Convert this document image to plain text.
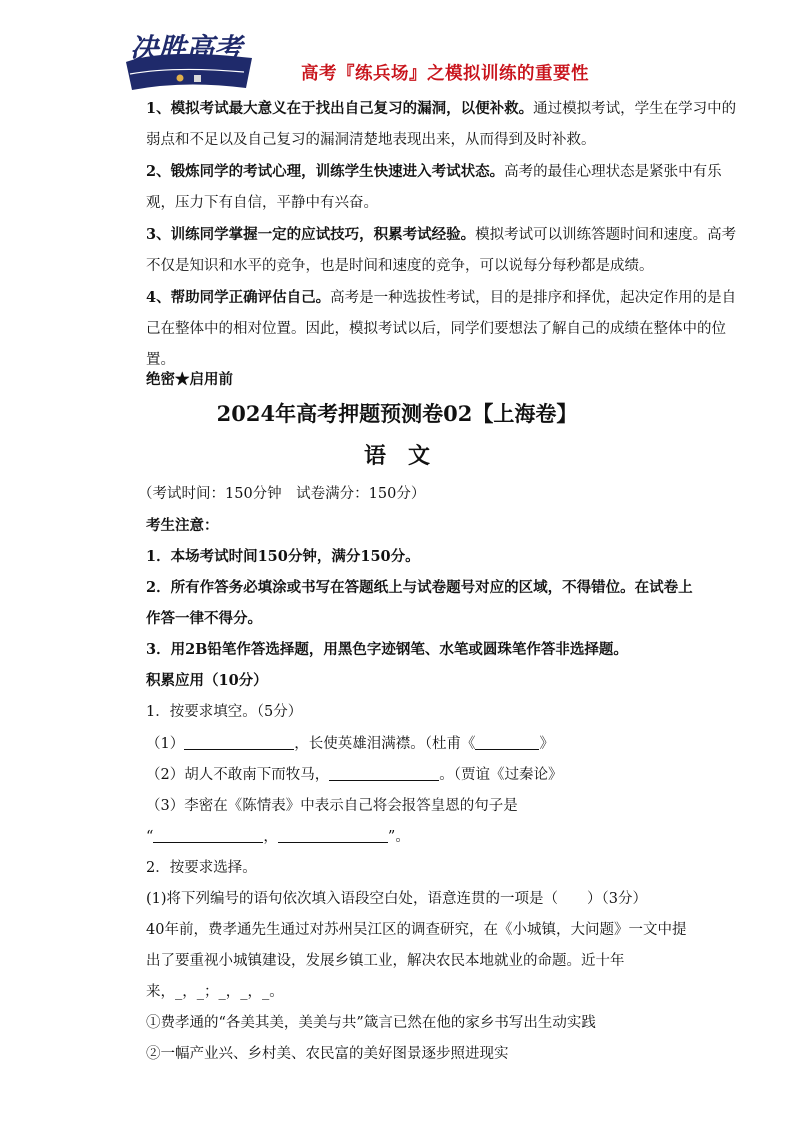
决胜高考
高考『练兵场』之模拟训练的重要性

1、模拟考试最大意义在于找出自己复习的漏洞，以便补救。通过模拟考试，学生在学习中的弱点和不足以及自己复习的漏洞清楚地表现出来，从而得到及时补救。

2、锻炼同学的考试心理，训练学生快速进入考试状态。高考的最佳心理状态是紧张中有乐观，压力下有自信，平静中有兴奋。

3、训练同学掌握一定的应试技巧，积累考试经验。模拟考试可以训练答题时间和速度。高考不仅是知识和水平的竞争，也是时间和速度的竞争，可以说每分每秒都是成绩。

4、帮助同学正确评估自己。高考是一种选拔性考试，目的是排序和择优，起决定作用的是自己在整体中的相对位置。因此，模拟考试以后，同学们要想法了解自己的成绩在整体中的位置。

绝密★启用前
2024年高考押题预测卷02【上海卷】
语　文
（考试时间：150分钟　试卷满分：150分）
考生注意：
1．本场考试时间150分钟，满分150分。
2．所有作答务必填涂或书写在答题纸上与试卷题号对应的区域，不得错位。在试卷上
作答一律不得分。
3．用2B铅笔作答选择题，用黑色字迹钢笔、水笔或圆珠笔作答非选择题。
积累应用（10分）
1．按要求填空。（5分）
（1）	，长使英雄泪满襟。（杜甫《	》
（2）胡人不敢南下而牧马，	。（贾谊《过秦论》
（3）李密在《陈情表》中表示自己将会报答皇恩的句子是
“	，	”。
2．按要求选择。
(1)将下列编号的语句依次填入语段空白处，语意连贯的一项是（　　）（3分）
40年前，费孝通先生通过对苏州吴江区的调查研究，在《小城镇，大问题》一文中提
出了要重视小城镇建设，发展乡镇工业，解决农民本地就业的命题。近十年
来，_，_；_，_，_。
①费孝通的“各美其美，美美与共”箴言已然在他的家乡书写出生动实践
②一幅产业兴、乡村美、农民富的美好图景逐步照进现实
